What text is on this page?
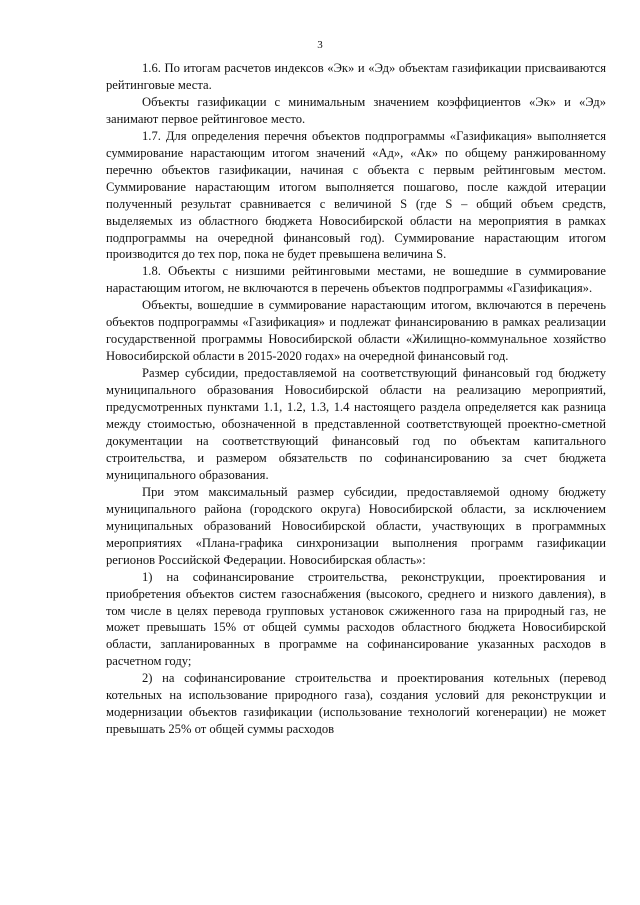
3

1.6. По итогам расчетов индексов «Эк» и «Эд» объектам газификации присваиваются рейтинговые места.

Объекты газификации с минимальным значением коэффициентов «Эк» и «Эд» занимают первое рейтинговое место.

1.7. Для определения перечня объектов подпрограммы «Газификация» выполняется суммирование нарастающим итогом значений «Ад», «Ак» по общему ранжированному перечню объектов газификации, начиная с объекта с первым рейтинговым местом. Суммирование нарастающим итогом выполняется пошагово, после каждой итерации полученный результат сравнивается с величиной S (где S – общий объем средств, выделяемых из областного бюджета Новосибирской области на мероприятия в рамках подпрограммы на очередной финансовый год). Суммирование нарастающим итогом производится до тех пор, пока не будет превышена величина S.

1.8. Объекты с низшими рейтинговыми местами, не вошедшие в суммирование нарастающим итогом, не включаются в перечень объектов подпрограммы «Газификация».

Объекты, вошедшие в суммирование нарастающим итогом, включаются в перечень объектов подпрограммы «Газификация» и подлежат финансированию в рамках реализации государственной программы Новосибирской области «Жилищно-коммунальное хозяйство Новосибирской области в 2015-2020 годах» на очередной финансовый год.

Размер субсидии, предоставляемой на соответствующий финансовый год бюджету муниципального образования Новосибирской области на реализацию мероприятий, предусмотренных пунктами 1.1, 1.2, 1.3, 1.4 настоящего раздела определяется как разница между стоимостью, обозначенной в представленной соответствующей проектно-сметной документации на соответствующий финансовый год по объектам капитального строительства, и размером обязательств по софинансированию за счет бюджета муниципального образования.

При этом максимальный размер субсидии, предоставляемой одному бюджету муниципального района (городского округа) Новосибирской области, за исключением муниципальных образований Новосибирской области, участвующих в программных мероприятиях «Плана-графика синхронизации выполнения программ газификации регионов Российской Федерации. Новосибирская область»:

1) на софинансирование строительства, реконструкции, проектирования и приобретения объектов систем газоснабжения (высокого, среднего и низкого давления), в том числе в целях перевода групповых установок сжиженного газа на природный газ, не может превышать 15% от общей суммы расходов областного бюджета Новосибирской области, запланированных в программе на софинансирование указанных расходов в расчетном году;

2) на софинансирование строительства и проектирования котельных (перевод котельных на использование природного газа), создания условий для реконструкции и модернизации объектов газификации (использование технологий когенерации) не может превышать 25% от общей суммы расходов
